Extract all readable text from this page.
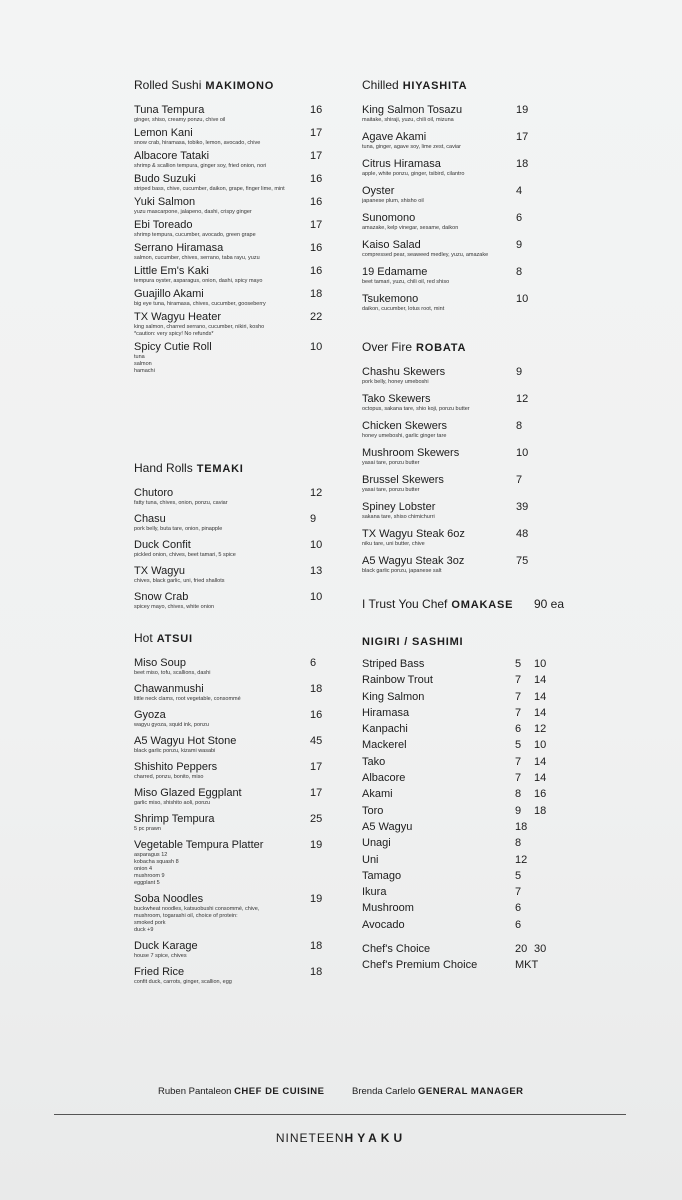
Rolled Sushi MAKIMONO
Tuna Tempura
ginger, shiso, creamy ponzu, chive oil
16
Lemon Kani
snow crab, hiramasa, tobiko, lemon, avocado, chive
17
Albacore Tataki
shrimp & scallion tempura, ginger soy, fried onion, nori
17
Budo Suzuki
striped bass, chive, cucumber, daikon, grape, finger lime, mint
16
Yuki Salmon
yuzu mascarpone, jalapeno, dashi, crispy ginger
16
Ebi Toreado
shrimp tempura, cucumber, avocado, green grape
17
Serrano Hiramasa
salmon, cucumber, chives, serrano, taba rayu, yuzu
16
Little Em's Kaki
tempura oyster, asparagus, onion, dashi, spicy mayo
16
Guajillo Akami
big eye tuna, hiramasa, chives, cucumber, gooseberry
18
TX Wagyu Heater
king salmon, charred serrano, cucumber, nikiri, kosho
*caution: very spicy! No refunds*
22
Spicy Cutie Roll
tuna
salmon
hamachi
10
Hand Rolls TEMAKI
Chutoro
fatty tuna, chives, onion, ponzu, caviar
12
Chasu
pork belly, buta tare, onion, pinapple
9
Duck Confit
pickled onion, chives, beet tamari, 5 spice
10
TX Wagyu
chives, black garlic, uni, fried shallots
13
Snow Crab
spicey mayo, chives, white onion
10
Hot ATSUI
Miso Soup
beet miso, tofu, scallions, dashi
6
Chawanmushi
little neck clams, root vegetable, consommé
18
Gyoza
wagyu gyoza, squid ink, ponzu
16
A5 Wagyu Hot Stone
black garlic ponzu, kizami wasabi
45
Shishito Peppers
charred, ponzu, bonito, miso
17
Miso Glazed Eggplant
garlic miso, shishito aoli, ponzu
17
Shrimp Tempura
5 pc prawn
25
Vegetable Tempura Platter
asparagus 12
kobacha squash 8
onion 4
mushroom 9
eggplant 5
19
Soba Noodles
buckwheat noodles, katsuobushi consommé, chive,
mushroom, togarashi oil, choice of protein:
smoked pork
duck +9
19
Duck Karage
house 7 spice, chives
18
Fried Rice
confit duck, carrots, ginger, scallion, egg
18
Chilled HIYASHITA
King Salmon Tosazu
maitake, shiraji, yuzu, chili oil, mizuna
19
Agave Akami
tuna, ginger, agave soy, lime zest, caviar
17
Citrus Hiramasa
apple, white ponzu, ginger, tsibird, cilantro
18
Oyster
japanese plum, shisho oil
4
Sunomono
amazake, kelp vinegar, sesame, daikon
6
Kaiso Salad
compressed pear, seaweed medley, yuzu, amazake
9
19 Edamame
beet tamari, yuzu, chili oil, red shiso
8
Tsukemono
daikon, cucumber, lotus root, mint
10
Over Fire ROBATA
Chashu Skewers
pork belly, honey umeboshi
9
Tako Skewers
octopus, sakana tare, shio koji, ponzu butter
12
Chicken Skewers
honey umeboshi, garlic ginger tare
8
Mushroom Skewers
yasai tare, ponzu butter
10
Brussel Skewers
yasai tare, ponzu butter
7
Spiney Lobster
sakana tare, shiso chimichurri
39
TX Wagyu Steak 6oz
niku tare, uni butter, chive
48
A5 Wagyu Steak 3oz
black garlic ponzu, japanese salt
75
I Trust You Chef OMAKASE 90 ea
NIGIRI / SASHIMI
Striped Bass	5 10
Rainbow Trout	7 14
King Salmon	7 14
Hiramasa	7 14
Kanpachi	6 12
Mackerel	5 10
Tako	7 14
Albacore	7 14
Akami	8 16
Toro	9 18
A5 Wagyu	18
Unagi	8
Uni	12
Tamago	5
Ikura	7
Mushroom	6
Avocado	6
Chef's Choice	20 30
Chef's Premium Choice	MKT
Ruben Pantaleon CHEF DE CUISINE	Brenda Carlelo GENERAL MANAGER
NINETEENHYAKU
